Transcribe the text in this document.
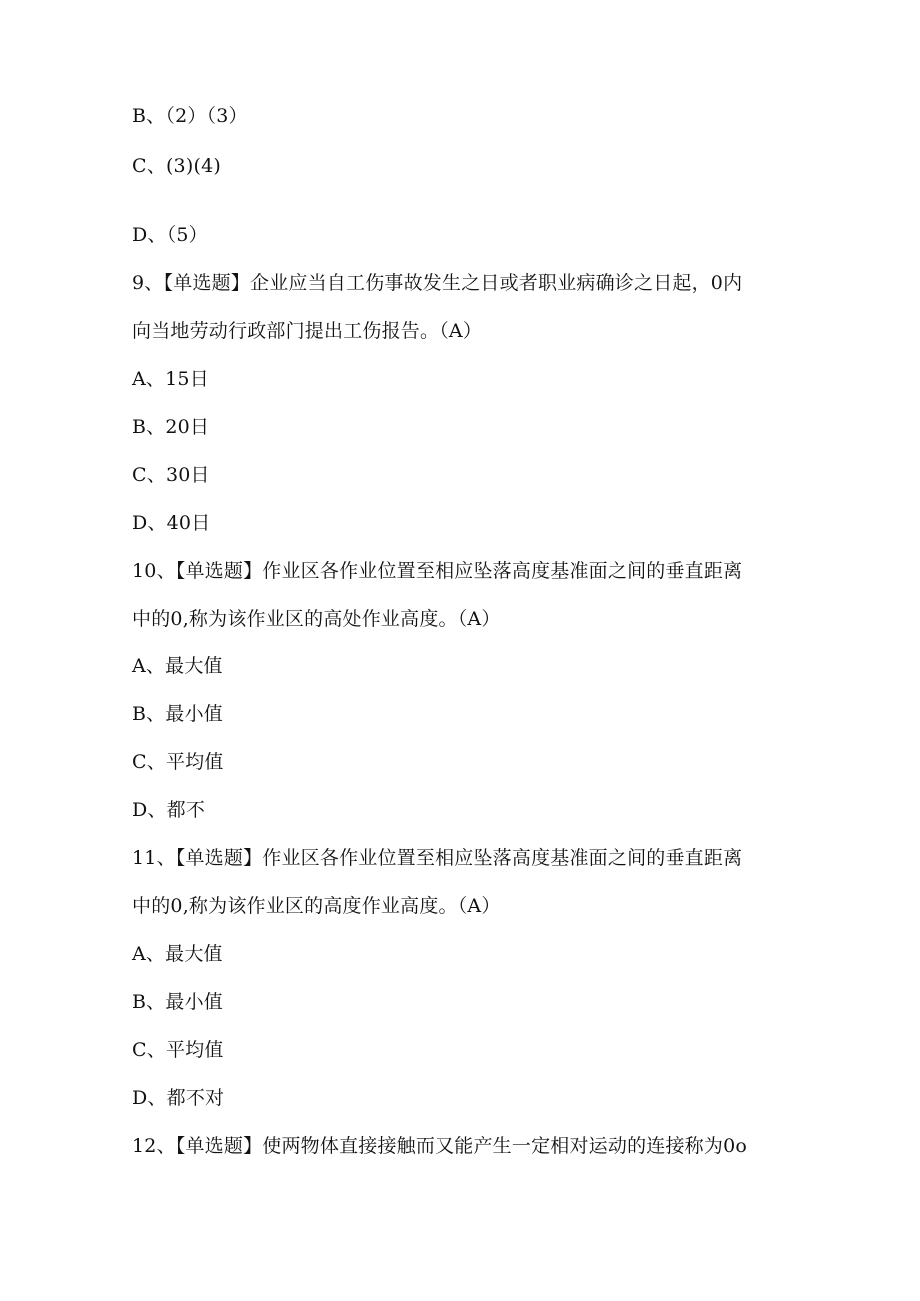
B、（2）（3）
C、(3)(4)
D、（5）
9、【单选题】企业应当自工伤事故发生之日或者职业病确诊之日起，0内
向当地劳动行政部门提出工伤报告。（A）
A、15日
B、20日
C、30日
D、40日
10、【单选题】作业区各作业位置至相应坠落高度基准面之间的垂直距离
中的0,称为该作业区的高处作业高度。（A）
A、最大值
B、最小值
C、平均值
D、都不
11、【单选题】作业区各作业位置至相应坠落高度基准面之间的垂直距离
中的0,称为该作业区的高度作业高度。（A）
A、最大值
B、最小值
C、平均值
D、都不对
12、【单选题】使两物体直接接触而又能产生一定相对运动的连接称为0o
